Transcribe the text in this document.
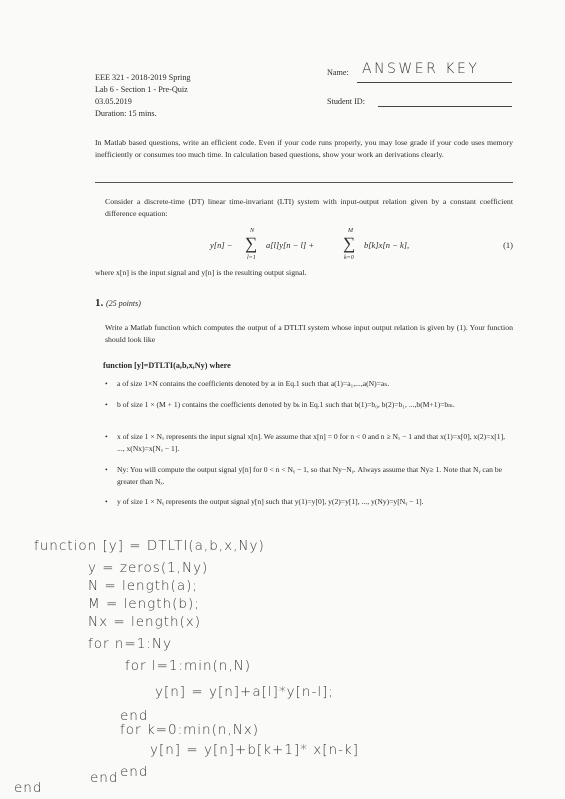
EEE 321 - 2018-2019 Spring
Lab 6 - Section 1 - Pre-Quiz
03.05.2019
Duration: 15 mins.
Name: ANSWER KEY
Student ID:
In Matlab based questions, write an efficient code. Even if your code runs properly, you may lose grade if your code uses memory inefficiently or consumes too much time. In calculation based questions, show your work an derivations clearly.
Consider a discrete-time (DT) linear time-invariant (LTI) system with input-output relation given by a constant coefficient difference equation:
y[n] −
N
∑
l=1
a[l]y[n − l] +
M
∑
k=0
b[k]x[n − k],	(1)
where x[n] is the input signal and y[n] is the resulting output signal.
1. (25 points)
Write a Matlab function which computes the output of a DTLTI system whose input output relation is given by (1). Your function should look like
function [y]=DTLTI(a,b,x,Ny) where
• a of size 1×N contains the coefficients denoted by aₗ in Eq.1 such that a(1)=a₁,...,a(N)=aₙ.
• b of size 1 × (M + 1) contains the coefficients denoted by bₖ in Eq.1 such that b(1)=b₀, b(2)=b₁, ...,b(M+1)=bₘ.
• x of size 1 × Nₓ represents the input signal x[n]. We assume that x[n] = 0 for n < 0 and n ≥ Nₓ − 1 and that x(1)=x[0], x(2)=x[1], ..., x(Nx)=x[Nₓ − 1].
• Ny: You will compute the output signal y[n] for 0 < n < Nᵧ − 1, so that Ny−Nᵧ. Always assume that Ny≥ 1. Note that Nᵧ can be greater than Nₓ.
• y of size 1 × Nᵧ represents the output signal y[n] such that y(1)=y[0], y(2)=y[1], ..., y(Ny)=y[Nᵧ − 1].
function [y] = DTLTI(a,b,x,Ny)
y = zeros(1,Ny)
N = length(a);
M = length(b);
Nx = length(x)
for n=1:Ny
for l=1:min(n,N)
y[n] = y[n]+a[l]*y[n-l];
end
for k=0:min(n,Nx)
y[n] = y[n]+b[k+1]* x[n-k]
end
end
end
